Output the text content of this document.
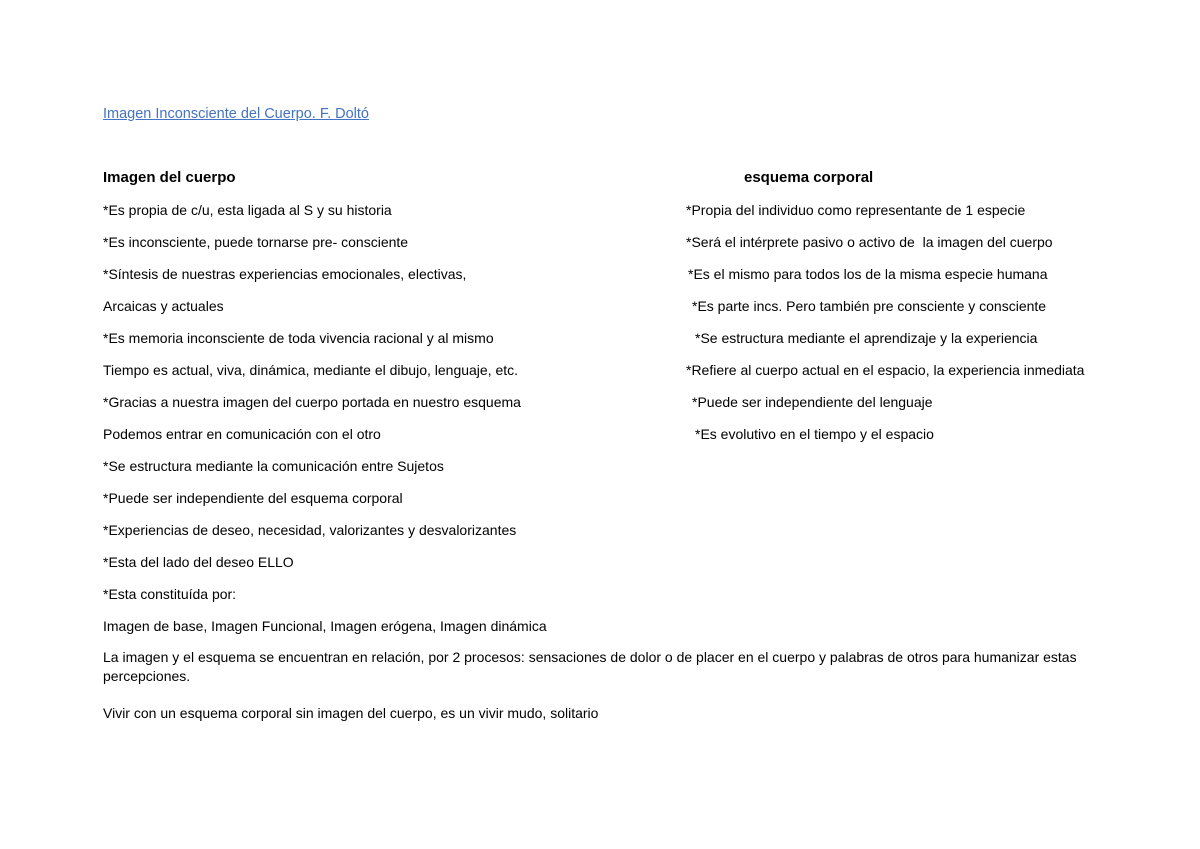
Imagen Inconsciente del Cuerpo. F. Doltó

Imagen del cuerpo

*Es propia de c/u, esta ligada al S y su historia

*Es inconsciente, puede tornarse pre- consciente

*Síntesis de nuestras experiencias emocionales, electivas,

Arcaicas y actuales

*Es memoria inconsciente de toda vivencia racional y al mismo

Tiempo es actual, viva, dinámica, mediante el dibujo, lenguaje, etc.

*Gracias a nuestra imagen del cuerpo portada en nuestro esquema

Podemos entrar en comunicación con el otro

*Se estructura mediante la comunicación entre Sujetos

*Puede ser independiente del esquema corporal

*Experiencias de deseo, necesidad, valorizantes y desvalorizantes

*Esta del lado del deseo ELLO

*Esta constituída por:

Imagen de base, Imagen Funcional, Imagen erógena, Imagen dinámica

esquema corporal

*Propia del individuo como representante de 1 especie

*Será el intérprete pasivo o activo de  la imagen del cuerpo

*Es el mismo para todos los de la misma especie humana

*Es parte incs. Pero también pre consciente y consciente

*Se estructura mediante el aprendizaje y la experiencia

*Refiere al cuerpo actual en el espacio, la experiencia inmediata

*Puede ser independiente del lenguaje

*Es evolutivo en el tiempo y el espacio

La imagen y el esquema se encuentran en relación, por 2 procesos: sensaciones de dolor o de placer en el cuerpo y palabras de otros para humanizar estas percepciones.

Vivir con un esquema corporal sin imagen del cuerpo, es un vivir mudo, solitario
